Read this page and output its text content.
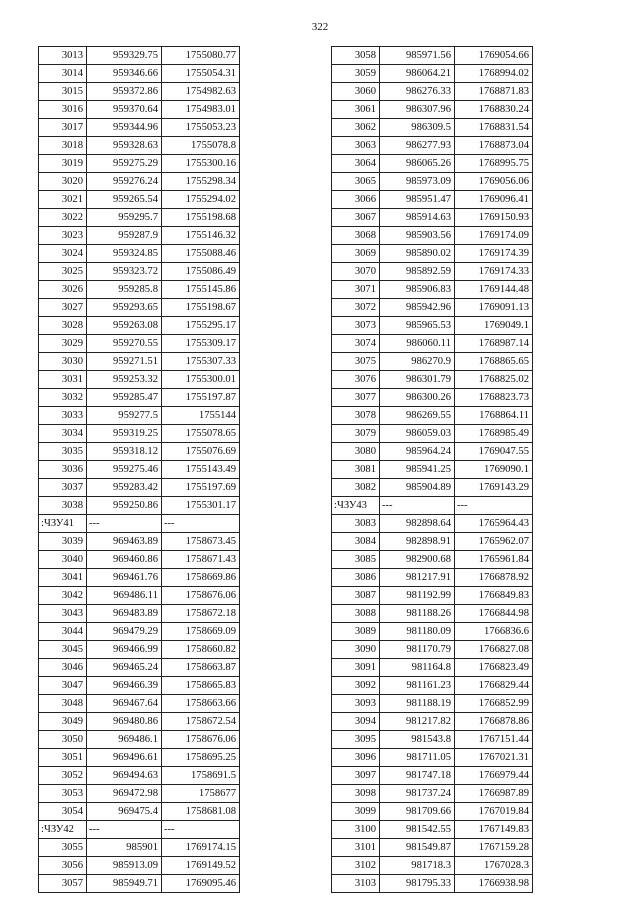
322
3013	959329.75	1755080.77
3014	959346.66	1755054.31
3015	959372.86	1754982.63
3016	959370.64	1754983.01
3017	959344.96	1755053.23
3018	959328.63	1755078.8
3019	959275.29	1755300.16
3020	959276.24	1755298.34
3021	959265.54	1755294.02
3022	959295.7	1755198.68
3023	959287.9	1755146.32
3024	959324.85	1755088.46
3025	959323.72	1755086.49
3026	959285.8	1755145.86
3027	959293.65	1755198.67
3028	959263.08	1755295.17
3029	959270.55	1755309.17
3030	959271.51	1755307.33
3031	959253.32	1755300.01
3032	959285.47	1755197.87
3033	959277.5	1755144
3034	959319.25	1755078.65
3035	959318.12	1755076.69
3036	959275.46	1755143.49
3037	959283.42	1755197.69
3038	959250.86	1755301.17
:ЧЗУ41	---	---
3039	969463.89	1758673.45
3040	969460.86	1758671.43
3041	969461.76	1758669.86
3042	969486.11	1758676.06
3043	969483.89	1758672.18
3044	969479.29	1758669.09
3045	969466.99	1758660.82
3046	969465.24	1758663.87
3047	969466.39	1758665.83
3048	969467.64	1758663.66
3049	969480.86	1758672.54
3050	969486.1	1758676.06
3051	969496.61	1758695.25
3052	969494.63	1758691.5
3053	969472.98	1758677
3054	969475.4	1758681.08
:ЧЗУ42	---	---
3055	985901	1769174.15
3056	985913.09	1769149.52
3057	985949.71	1769095.46
3058	985971.56	1769054.66
3059	986064.21	1768994.02
3060	986276.33	1768871.83
3061	986307.96	1768830.24
3062	986309.5	1768831.54
3063	986277.93	1768873.04
3064	986065.26	1768995.75
3065	985973.09	1769056.06
3066	985951.47	1769096.41
3067	985914.63	1769150.93
3068	985903.56	1769174.09
3069	985890.02	1769174.39
3070	985892.59	1769174.33
3071	985906.83	1769144.48
3072	985942.96	1769091.13
3073	985965.53	1769049.1
3074	986060.11	1768987.14
3075	986270.9	1768865.65
3076	986301.79	1768825.02
3077	986300.26	1768823.73
3078	986269.55	1768864.11
3079	986059.03	1768985.49
3080	985964.24	1769047.55
3081	985941.25	1769090.1
3082	985904.89	1769143.29
:ЧЗУ43	---	---
3083	982898.64	1765964.43
3084	982898.91	1765962.07
3085	982900.68	1765961.84
3086	981217.91	1766878.92
3087	981192.99	1766849.83
3088	981188.26	1766844.98
3089	981180.09	1766836.6
3090	981170.79	1766827.08
3091	981164.8	1766823.49
3092	981161.23	1766829.44
3093	981188.19	1766852.99
3094	981217.82	1766878.86
3095	981543.8	1767151.44
3096	981711.05	1767021.31
3097	981747.18	1766979.44
3098	981737.24	1766987.89
3099	981709.66	1767019.84
3100	981542.55	1767149.83
3101	981549.87	1767159.28
3102	981718.3	1767028.3
3103	981795.33	1766938.98
